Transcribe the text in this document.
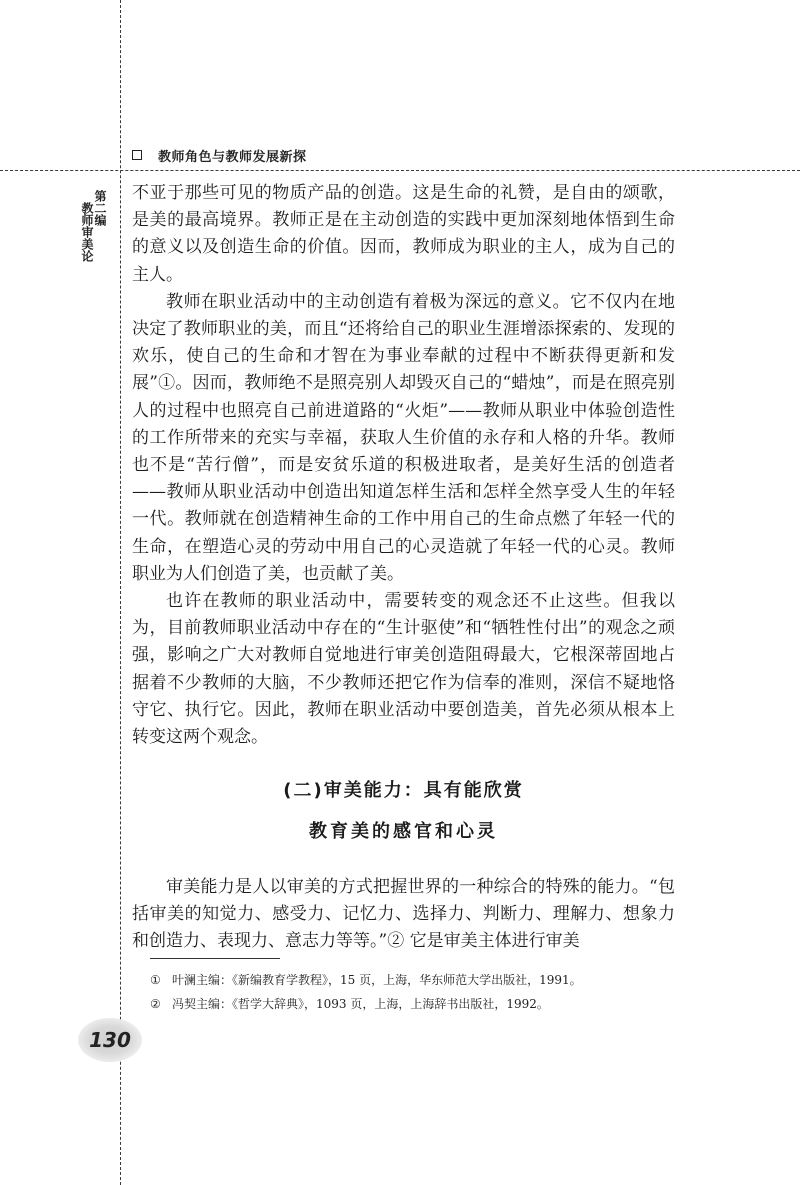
教师角色与教师发展新探
第二编
教师审美论

不亚于那些可见的物质产品的创造。这是生命的礼赞，是自由的颂歌，是美的最高境界。教师正是在主动创造的实践中更加深刻地体悟到生命的意义以及创造生命的价值。因而，教师成为职业的主人，成为自己的主人。

教师在职业活动中的主动创造有着极为深远的意义。它不仅内在地决定了教师职业的美，而且“还将给自己的职业生涯增添探索的、发现的欢乐，使自己的生命和才智在为事业奉献的过程中不断获得更新和发展”①。因而，教师绝不是照亮别人却毁灭自己的“蜡烛”，而是在照亮别人的过程中也照亮自己前进道路的“火炬”——教师从职业中体验创造性的工作所带来的充实与幸福，获取人生价值的永存和人格的升华。教师也不是“苦行僧”，而是安贫乐道的积极进取者，是美好生活的创造者——教师从职业活动中创造出知道怎样生活和怎样全然享受人生的年轻一代。教师就在创造精神生命的工作中用自己的生命点燃了年轻一代的生命，在塑造心灵的劳动中用自己的心灵造就了年轻一代的心灵。教师职业为人们创造了美，也贡献了美。

也许在教师的职业活动中，需要转变的观念还不止这些。但我以为，目前教师职业活动中存在的“生计驱使”和“牺牲性付出”的观念之顽强，影响之广大对教师自觉地进行审美创造阻碍最大，它根深蒂固地占据着不少教师的大脑，不少教师还把它作为信奉的准则，深信不疑地恪守它、执行它。因此，教师在职业活动中要创造美，首先必须从根本上转变这两个观念。

(二)审美能力：具有能欣赏
教育美的感官和心灵

审美能力是人以审美的方式把握世界的一种综合的特殊的能力。“包括审美的知觉力、感受力、记忆力、选择力、判断力、理解力、想象力和创造力、表现力、意志力等等。”② 它是审美主体进行审美

① 叶澜主编：《新编教育学教程》，15 页，上海，华东师范大学出版社，1991。
② 冯契主编：《哲学大辞典》，1093 页，上海，上海辞书出版社，1992。
130
